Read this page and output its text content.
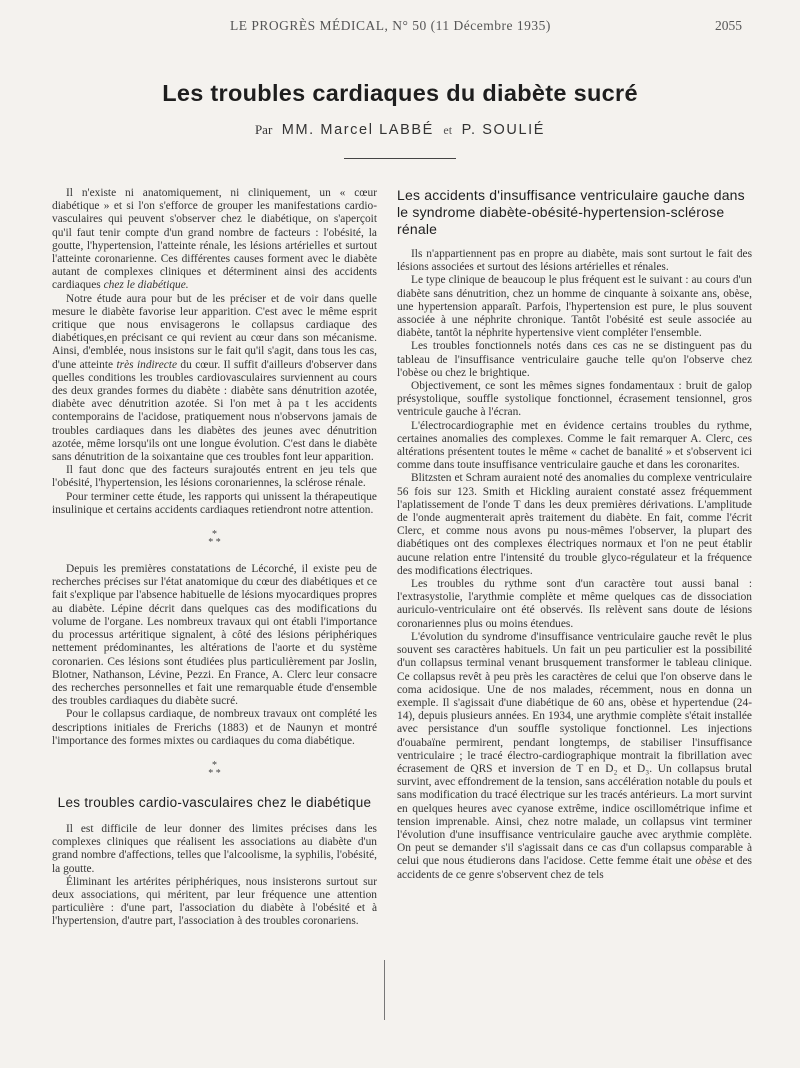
LE PROGRÈS MÉDICAL, N° 50 (11 Décembre 1935)	2055
Les troubles cardiaques du diabète sucré
Par MM. Marcel LABBÉ et P. SOULIÉ

Il n'existe ni anatomiquement, ni cliniquement, un « cœur diabétique » et si l'on s'efforce de grouper les manifestations cardio-vasculaires qui peuvent s'observer chez le diabétique, on s'aperçoit qu'il faut tenir compte d'un grand nombre de facteurs : l'obésité, la goutte, l'hypertension, l'atteinte rénale, les lésions artérielles et surtout l'atteinte coronarienne. Ces différentes causes forment avec le diabète autant de complexes cliniques et déterminent ainsi des accidents cardiaques chez le diabétique.

Notre étude aura pour but de les préciser et de voir dans quelle mesure le diabète favorise leur apparition. C'est avec le même esprit critique que nous envisagerons le collapsus cardiaque des diabétiques,en précisant ce qui revient au cœur dans son mécanisme. Ainsi, d'emblée, nous insistons sur le fait qu'il s'agit, dans tous les cas, d'une atteinte très indirecte du cœur. Il suffit d'ailleurs d'observer dans quelles conditions les troubles cardiovasculaires surviennent au cours des deux grandes formes du diabète : diabète sans dénutrition azotée, diabète avec dénutrition azotée. Si l'on met à pa t les accidents contemporains de l'acidose, pratiquement nous n'observons jamais de troubles cardiaques dans les diabètes des jeunes avec dénutrition azotée, même lorsqu'ils ont une longue évolution. C'est dans le diabète sans dénutrition de la soixantaine que ces troubles font leur apparition.

Il faut donc que des facteurs surajoutés entrent en jeu tels que l'obésité, l'hypertension, les lésions coronariennes, la sclérose rénale.

Pour terminer cette étude, les rapports qui unissent la thérapeutique insulinique et certains accidents cardiaques retiendront notre attention.

*
* *

Depuis les premières constatations de Lécorché, il existe peu de recherches précises sur l'état anatomique du cœur des diabétiques et ce fait s'explique par l'absence habituelle de lésions myocardiques propres au diabète. Lépine décrit dans quelques cas des modifications du volume de l'organe. Les nombreux travaux qui ont établi l'importance du processus artéritique signalent, à côté des lésions périphériques nettement prédominantes, les altérations de l'aorte et du système coronarien. Ces lésions sont étudiées plus particulièrement par Joslin, Blotner, Nathanson, Lévine, Pezzi. En France, A. Clerc leur consacre des recherches personnelles et fait une remarquable étude d'ensemble des troubles cardiaques du diabète sucré.

Pour le collapsus cardiaque, de nombreux travaux ont complété les descriptions initiales de Frerichs (1883) et de Naunyn et montré l'importance des formes mixtes ou cardiaques du coma diabétique.

*
* *
Les troubles cardio-vasculaires chez le diabétique

Il est difficile de leur donner des limites précises dans les complexes cliniques que réalisent les associations au diabète d'un grand nombre d'affections, telles que l'alcoolisme, la syphilis, l'obésité, la goutte.

Éliminant les artérites périphériques, nous insisterons surtout sur deux associations, qui méritent, par leur fréquence une attention particulière : d'une part, l'association du diabète à l'obésité et à l'hypertension, d'autre part, l'association à des troubles coronariens.

Les accidents d'insuffisance ventriculaire gauche dans le syndrome diabète-obésité-hypertension-sclérose rénale

Ils n'appartiennent pas en propre au diabète, mais sont surtout le fait des lésions associées et surtout des lésions artérielles et rénales.

Le type clinique de beaucoup le plus fréquent est le suivant : au cours d'un diabète sans dénutrition, chez un homme de cinquante à soixante ans, obèse, une hypertension apparaît. Parfois, l'hypertension est pure, le plus souvent associée à une néphrite chronique. Tantôt l'obésité est seule associée au diabète, tantôt la néphrite hypertensive vient compléter l'ensemble.

Les troubles fonctionnels notés dans ces cas ne se distinguent pas du tableau de l'insuffisance ventriculaire gauche telle qu'on l'observe chez l'obèse ou chez le brightique.

Objectivement, ce sont les mêmes signes fondamentaux : bruit de galop présystolique, souffle systolique fonctionnel, écrasement tensionnel, gros ventricule gauche à l'écran.

L'électrocardiographie met en évidence certains troubles du rythme, certaines anomalies des complexes. Comme le fait remarquer A. Clerc, ces altérations présentent toutes le même « cachet de banalité » et s'observent ici comme dans toute insuffisance ventriculaire gauche et dans les coronarites.

Blitzsten et Schram auraient noté des anomalies du complexe ventriculaire 56 fois sur 123. Smith et Hickling auraient constaté assez fréquemment l'aplatissement de l'onde T dans les deux premières dérivations. L'amplitude de l'onde augmenterait après traitement du diabète. En fait, comme l'écrit Clerc, et comme nous avons pu nous-mêmes l'observer, la plupart des diabétiques ont des complexes électriques normaux et l'on ne peut établir aucune relation entre l'intensité du trouble glyco-régulateur et la fréquence des modifications électriques.

Les troubles du rythme sont d'un caractère tout aussi banal : l'extrasystolie, l'arythmie complète et même quelques cas de dissociation auriculo-ventriculaire ont été observés. Ils relèvent sans doute de lésions coronariennes plus ou moins étendues.

L'évolution du syndrome d'insuffisance ventriculaire gauche revêt le plus souvent ses caractères habituels. Un fait un peu particulier est la possibilité d'un collapsus terminal venant brusquement transformer le tableau clinique. Ce collapsus revêt à peu près les caractères de celui que l'on observe dans le coma acidosique. Une de nos malades, récemment, nous en donna un exemple. Il s'agissait d'une diabétique de 60 ans, obèse et hypertendue (24-14), depuis plusieurs années. En 1934, une arythmie complète s'était installée avec persistance d'un souffle systolique fonctionnel. Les injections d'ouabaïne permirent, pendant longtemps, de stabiliser l'insuffisance ventriculaire ; le tracé électro-cardiographique montrait la fibrillation avec écrasement de QRS et inversion de T en D₂ et D₃. Un collapsus brutal survint, avec effondrement de la tension, sans accélération notable du pouls et sans modification du tracé électrique sur les tracés antérieurs. La mort survint en quelques heures avec cyanose extrême, indice oscillométrique infime et tension imprenable. Ainsi, chez notre malade, un collapsus vint terminer l'évolution d'une insuffisance ventriculaire gauche avec arythmie complète. On peut se demander s'il s'agissait dans ce cas d'un collapsus comparable à celui que nous étudierons dans l'acidose. Cette femme était une obèse et des accidents de ce genre s'observent chez de tels
